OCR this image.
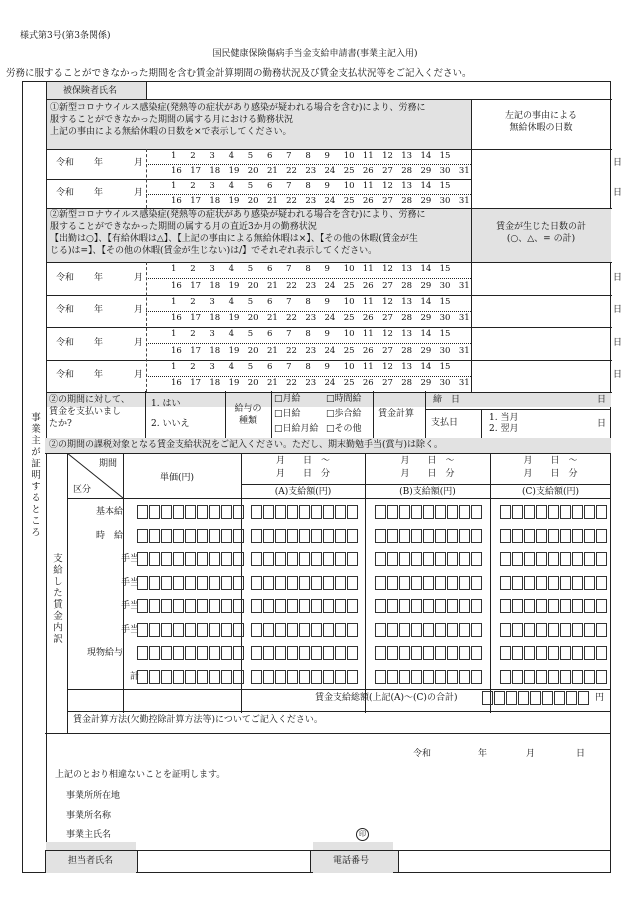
様式第3号(第3条関係)
国民健康保険傷病手当金支給申請書(事業主記入用)
労務に服することができなかった期間を含む賃金計算期間の勤務状況及び賃金支払状況等をご記入ください。
事業主が証明するところ
被保険者氏名
①新型コロナウイルス感染症(発熱等の症状があり感染が疑われる場合を含む)により、労務に
服することができなかった期間の属する月における勤務状況
上記の事由による無給休暇の日数を×で表示してください。
左記の事由による
無給休暇の日数
②新型コロナウイルス感染症(発熱等の症状があり感染が疑われる場合を含む)により、労務に
服することができなかった期間の属する月の直近3か月の勤務状況
【出勤は○】、【有給休暇は△】、【上記の事由による無給休暇は×】、【その他の休暇(賃金が生
じる)は=】、【その他の休暇(賃金が生じない)は/】でそれぞれ表示してください。
賃金が生じた日数の計
(○、△、= の計)
令和 年	月
1 2 3 4 5 6 7 8 9 10 11 12 13 14 15
16 17 18 19 20 21 22 23 24 25 26 27 28 29 30 31
日
令和 年	月
1 2 3 4 5 6 7 8 9 10 11 12 13 14 15
16 17 18 19 20 21 22 23 24 25 26 27 28 29 30 31
日
令和 年	月
1 2 3 4 5 6 7 8 9 10 11 12 13 14 15
16 17 18 19 20 21 22 23 24 25 26 27 28 29 30 31
日
令和 年	月
1 2 3 4 5 6 7 8 9 10 11 12 13 14 15
16 17 18 19 20 21 22 23 24 25 26 27 28 29 30 31
日
令和 年	月
1 2 3 4 5 6 7 8 9 10 11 12 13 14 15
16 17 18 19 20 21 22 23 24 25 26 27 28 29 30 31
日
令和 年	月
1 2 3 4 5 6 7 8 9 10 11 12 13 14 15
16 17 18 19 20 21 22 23 24 25 26 27 28 29 30 31
日
②の期間に対して、
賃金を支払いまし
たか?
1. はい
2. いいえ
給与の
種類
□月給	□時間給
□日給	□歩合給
□日給月給 □その他
賃金計算
締　日	日
支払日	1. 当月
2. 翌月	日
②の期間の課税対象となる賃金支給状況をご記入ください。ただし、期末勤勉手当(賞与)は除く。
期間
区分
単価(円)
月　　日　～
月　　日　分
(A)支給額(円)
月　　日　～
月　　日　分
(B)支給額(円)
月　　日　～
月　　日　分
(C)支給額(円)
支給した賃金内訳
基本給
時　給
手当
手当
手当
手当
現物給与
計
賃金支給総額(上記(A)～(C)の合計)	円
賃金計算方法(欠勤控除計算方法等)についてご記入ください。
令和	年	月	日
上記のとおり相違ないことを証明します。
事業所所在地
事業所名称
事業主氏名	印
担当者氏名	電話番号
